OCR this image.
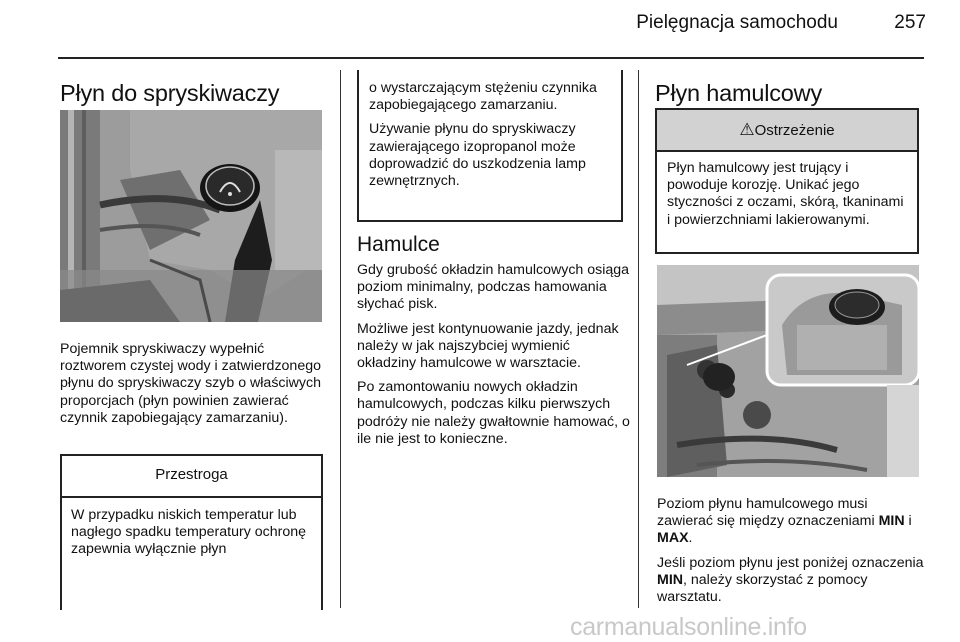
Pielęgnacja samochodu	257
Płyn do spryskiwaczy

Pojemnik spryskiwaczy wypełnić roztworem czystej wody i zatwierdzonego płynu do spryskiwaczy szyb o właściwych proporcjach (płyn powinien zawierać czynnik zapobiegający zamarzaniu).

Przestroga

W przypadku niskich temperatur lub nagłego spadku temperatury ochronę zapewnia wyłącznie płyn

o wystarczającym stężeniu czynnika zapobiegającego zamarzaniu.

Używanie płynu do spryskiwaczy zawierającego izopropanol może doprowadzić do uszkodzenia lamp zewnętrznych.

Hamulce

Gdy grubość okładzin hamulcowych osiąga poziom minimalny, podczas hamowania słychać pisk.

Możliwe jest kontynuowanie jazdy, jednak należy w jak najszybciej wymienić okładziny hamulcowe w warsztacie.

Po zamontowaniu nowych okładzin hamulcowych, podczas kilku pierwszych podróży nie należy gwałtownie hamować, o ile nie jest to konieczne.

Płyn hamulcowy
⚠Ostrzeżenie

Płyn hamulcowy jest trujący i powoduje korozję. Unikać jego styczności z oczami, skórą, tkaninami i powierzchniami lakierowanymi.

Poziom płynu hamulcowego musi zawierać się między oznaczeniami MIN i MAX.

Jeśli poziom płynu jest poniżej oznaczenia MIN, należy skorzystać z pomocy warsztatu.

carmanualsonline.info
